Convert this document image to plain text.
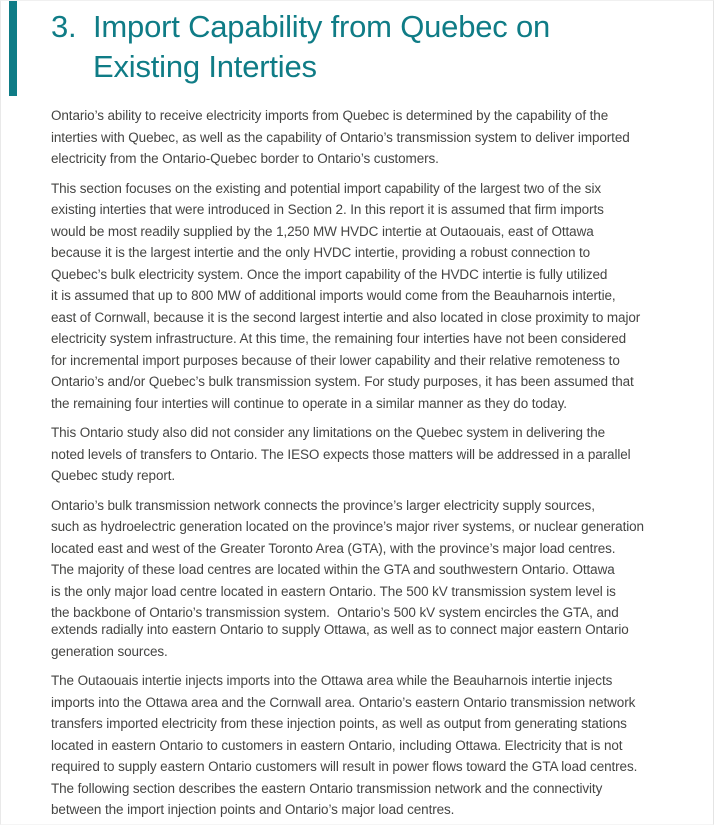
3. Import Capability from Quebec on
Existing Interties
Ontario’s ability to receive electricity imports from Quebec is determined by the capability of the
interties with Quebec, as well as the capability of Ontario’s transmission system to deliver imported
electricity from the Ontario-Quebec border to Ontario’s customers.
This section focuses on the existing and potential import capability of the largest two of the six
existing interties that were introduced in Section 2. In this report it is assumed that firm imports
would be most readily supplied by the 1,250 MW HVDC intertie at Outaouais, east of Ottawa
because it is the largest intertie and the only HVDC intertie, providing a robust connection to
Quebec’s bulk electricity system. Once the import capability of the HVDC intertie is fully utilized
it is assumed that up to 800 MW of additional imports would come from the Beauharnois intertie,
east of Cornwall, because it is the second largest intertie and also located in close proximity to major
electricity system infrastructure. At this time, the remaining four interties have not been considered
for incremental import purposes because of their lower capability and their relative remoteness to
Ontario’s and/or Quebec’s bulk transmission system. For study purposes, it has been assumed that
the remaining four interties will continue to operate in a similar manner as they do today.
This Ontario study also did not consider any limitations on the Quebec system in delivering the
noted levels of transfers to Ontario. The IESO expects those matters will be addressed in a parallel
Quebec study report.
Ontario’s bulk transmission network connects the province’s larger electricity supply sources,
such as hydroelectric generation located on the province’s major river systems, or nuclear generation
located east and west of the Greater Toronto Area (GTA), with the province’s major load centres.
The majority of these load centres are located within the GTA and southwestern Ontario. Ottawa
is the only major load centre located in eastern Ontario. The 500 kV transmission system level is
the backbone of Ontario’s transmission system.  Ontario’s 500 kV system encircles the GTA, and
extends radially into eastern Ontario to supply Ottawa, as well as to connect major eastern Ontario
generation sources.
The Outaouais intertie injects imports into the Ottawa area while the Beauharnois intertie injects
imports into the Ottawa area and the Cornwall area. Ontario’s eastern Ontario transmission network
transfers imported electricity from these injection points, as well as output from generating stations
located in eastern Ontario to customers in eastern Ontario, including Ottawa. Electricity that is not
required to supply eastern Ontario customers will result in power flows toward the GTA load centres.
The following section describes the eastern Ontario transmission network and the connectivity
between the import injection points and Ontario’s major load centres.
